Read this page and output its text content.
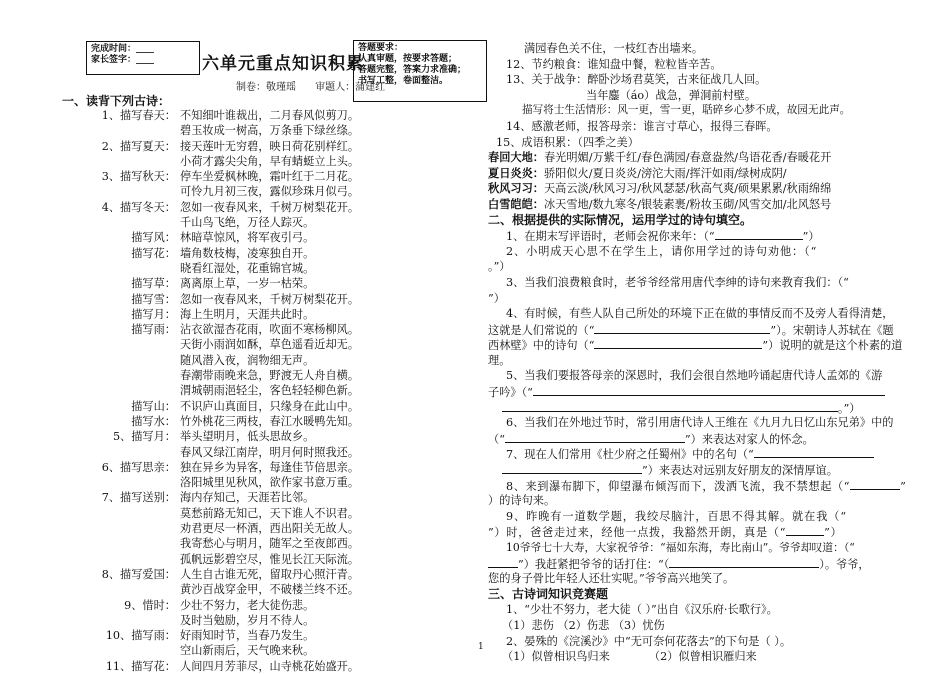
完成时间：____
家长签字：____	六单元重点知识积累
制卷：敬瑾瑶      审题人：蒲建红
答题要求：
认真审题，按要求答题；
答题完整，答案力求准确；
书写工整，卷面整洁。
一、读背下列古诗：
1、描写春天： 不知细叶谁裁出，二月春风似剪刀。
碧玉妆成一树高，万条垂下绿丝绦。
2、描写夏天： 接天莲叶无穷碧，映日荷花别样红。
小荷才露尖尖角，早有蜻蜓立上头。
3、描写秋天： 停车坐爱枫林晚，霜叶红于二月花。
可怜九月初三夜，露似珍珠月似弓。
4、描写冬天： 忽如一夜春风来，千树万树梨花开。
千山鸟飞绝，万径人踪灭。
描写风： 林暗草惊风，将军夜引弓。
描写花： 墙角数枝梅，凌寒独自开。
晓看红湿处，花重锦官城。
描写草： 离离原上草，一岁一枯荣。
描写雪： 忽如一夜春风来，千树万树梨花开。
描写月： 海上生明月，天涯共此时。
描写雨： 沾衣欲湿杏花雨，吹面不寒杨柳风。
天街小雨润如酥，草色遥看近却无。
随风潜入夜，润物细无声。
春潮带雨晚来急，野渡无人舟自横。
渭城朝雨浥轻尘，客色轻轻柳色新。
描写山： 不识庐山真面目，只缘身在此山中。
描写水： 竹外桃花三两枝，春江水暖鸭先知。
5、描写月： 举头望明月，低头思故乡。
春风又绿江南岸，明月何时照我还。
6、描写思亲： 独在异乡为异客，每逢佳节倍思亲。
洛阳城里见秋风，欲作家书意万重。
7、描写送别： 海内存知己，天涯若比邻。
莫愁前路无知己，天下谁人不识君。
劝君更尽一杯酒，西出阳关无故人。
我寄愁心与明月，随军之至夜郎西。
孤帆远影碧空尽，惟见长江天际流。
8、描写爱国： 人生自古谁无死，留取丹心照汗青。
黄沙百战穿金甲，不破楼兰终不还。
9、惜时： 少壮不努力，老大徒伤悲。
及时当勉励，岁月不待人。
10、描写雨： 好雨知时节，当春乃发生。
空山新雨后，天气晚来秋。
11、描写花： 人间四月芳菲尽，山寺桃花始盛开。
满园春色关不住，一枝红杏出墙来。
12、节约粮食：谁知盘中餐，粒粒皆辛苦。
13、关于战争：醉卧沙场君莫笑，古来征战几人回。
当年鏖（áo）战急，弹洞前村壁。
描写将士生活情形：风一更，雪一更，聒碎乡心梦不成，故园无此声。
14、感激老师，报答母亲：谁言寸草心，报得三春晖。
15、成语积累：（四季之美）
春回大地：春光明媚/万紫千红/春色满园/春意盎然/鸟语花香/春暖花开
夏日炎炎：骄阳似火/夏日炎炎/滂沱大雨/挥汗如雨/绿树成阴/
秋风习习：天高云淡/秋风习习/秋风瑟瑟/秋高气爽/硕果累累/秋雨绵绵
白雪皑皑：冰天雪地/数九寒冬/银装素裹/粉妆玉砌/风雪交加/北风怒号
二、根据提供的实际情况，运用学过的诗句填空。
1、在期末写评语时，老师会祝你来年：（“	”）
2、小明成天心思不在学生上，请你用学过的诗句劝他：（“
。”）
3、当我们浪费粮食时，老爷爷经常用唐代李绅的诗句来教育我们：（“
”）
4、有时候，有些人队自己所处的环境下正在做的事情反而不及旁人看得清楚，
这就是人们常说的（“	”）。宋朝诗人苏轼在《题
西林壁》中的诗句（“	”）说明的就是这个朴素的道
理。
5、当我们要报答母亲的深恩时，我们会很自然地吟诵起唐代诗人孟郊的《游
子吟》（“
。”）
6、当我们在外地过节时，常引用唐代诗人王维在《九月九日忆山东兄弟》中的
（“	”）来表达对家人的怀念。
7、现在人们常用《杜少府之任蜀州》中的名句（“
”）来表达对远别友好朋友的深情厚谊。
8、来到瀑布脚下，仰望瀑布倾泻而下，泼洒飞流，我不禁想起（“	”
）的诗句来。
9、昨晚有一道数学题，我绞尽脑汁，百思不得其解。就在我（“
”）时，爸爸走过来，经他一点拨，我豁然开朗，真是（“	”）
10爷爷七十大寿，大家祝爷爷：“福如东海，寿比南山”。爷爷却叹道：（“
”）我赶紧把爷爷的话打住：“（	）。爷爷，
您的身子骨比年轻人还壮实呢。”爷爷高兴地笑了。
三、古诗词知识竞赛题
1、“少壮不努力，老大徒（ ）”出自《汉乐府·长歌行》。
（1）悲伤 （2）伤悲 （3）忧伤
2、晏殊的《浣溪沙》中“无可奈何花落去”的下句是（ ）。
（1）似曾相识鸟归来           （2）似曾相识雁归来
1
